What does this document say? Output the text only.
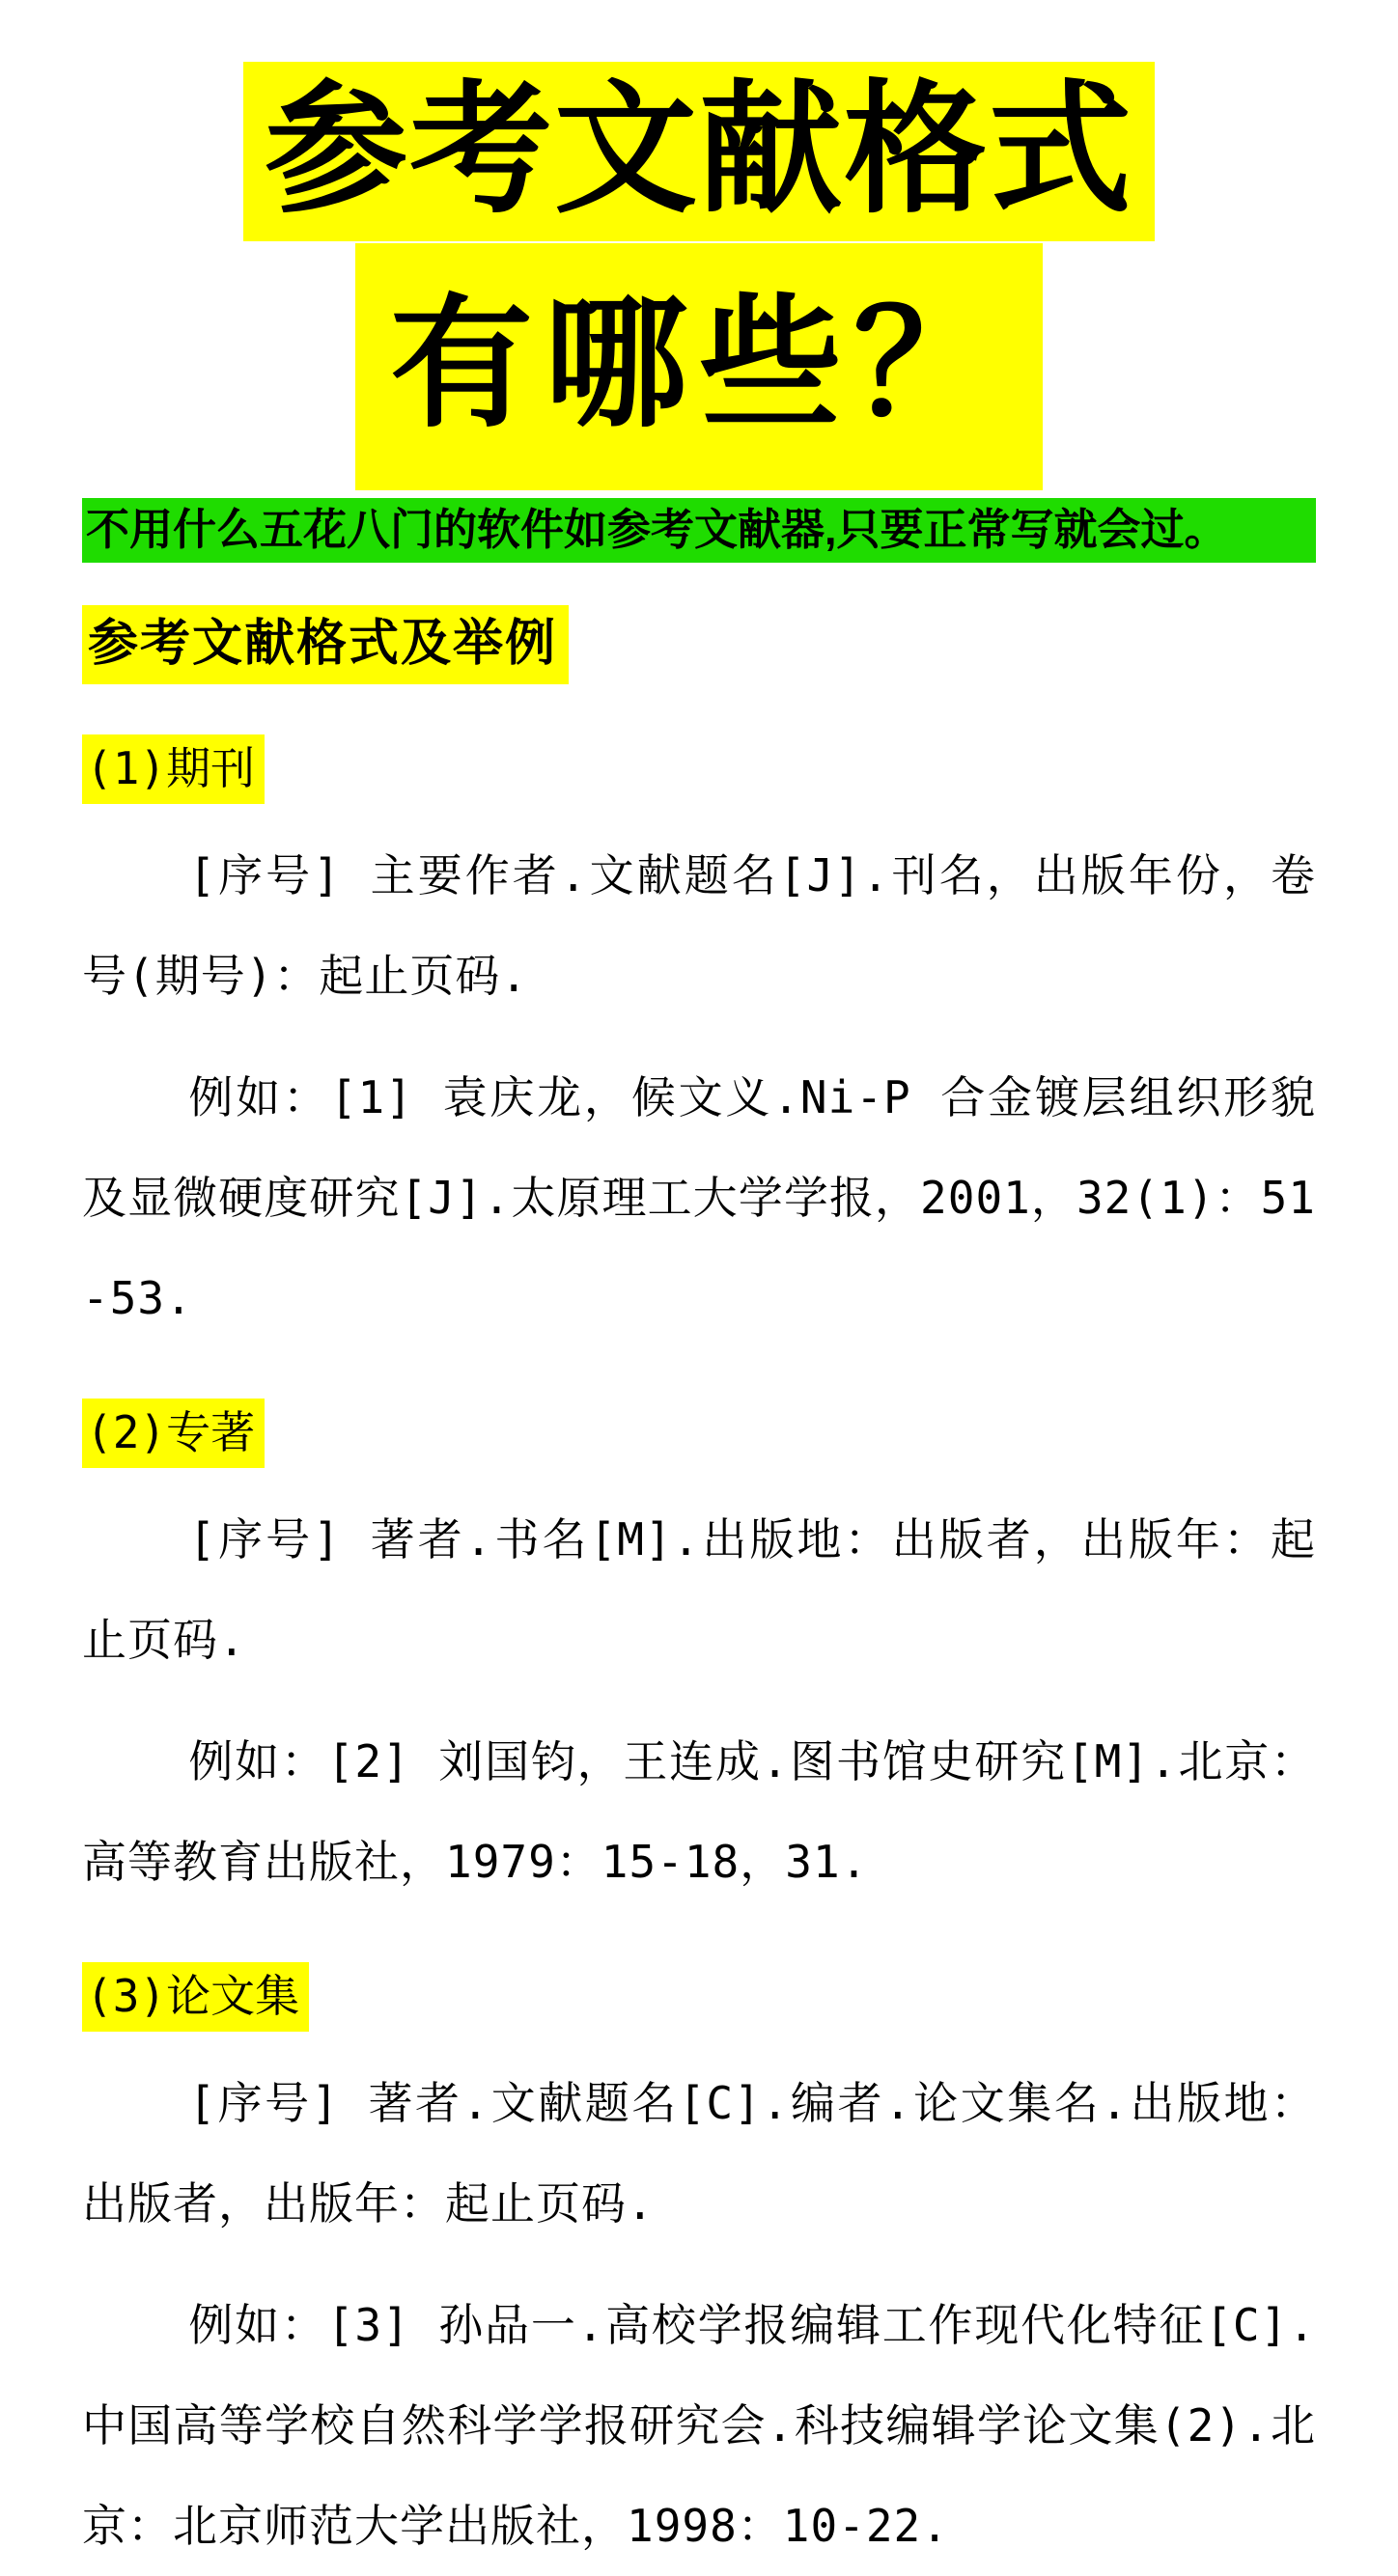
参考文献格式
有哪些？
不用什么五花八门的软件如参考文献器,只要正常写就会过。
参考文献格式及举例
(1)期刊

[序号] 主要作者.文献题名[J].刊名，出版年份，卷号(期号)：起止页码.

例如：[1] 袁庆龙，候文义.Ni-P 合金镀层组织形貌及显微硬度研究[J].太原理工大学学报，2001，32(1)：51-53.

(2)专著

[序号] 著者.书名[M].出版地：出版者，出版年：起止页码.

例如：[2] 刘国钧，王连成.图书馆史研究[M].北京：高等教育出版社，1979：15-18，31.

(3)论文集

[序号] 著者.文献题名[C].编者.论文集名.出版地：出版者，出版年：起止页码.

例如：[3] 孙品一.高校学报编辑工作现代化特征[C].中国高等学校自然科学学报研究会.科技编辑学论文集(2).北京：北京师范大学出版社，1998：10-22.
